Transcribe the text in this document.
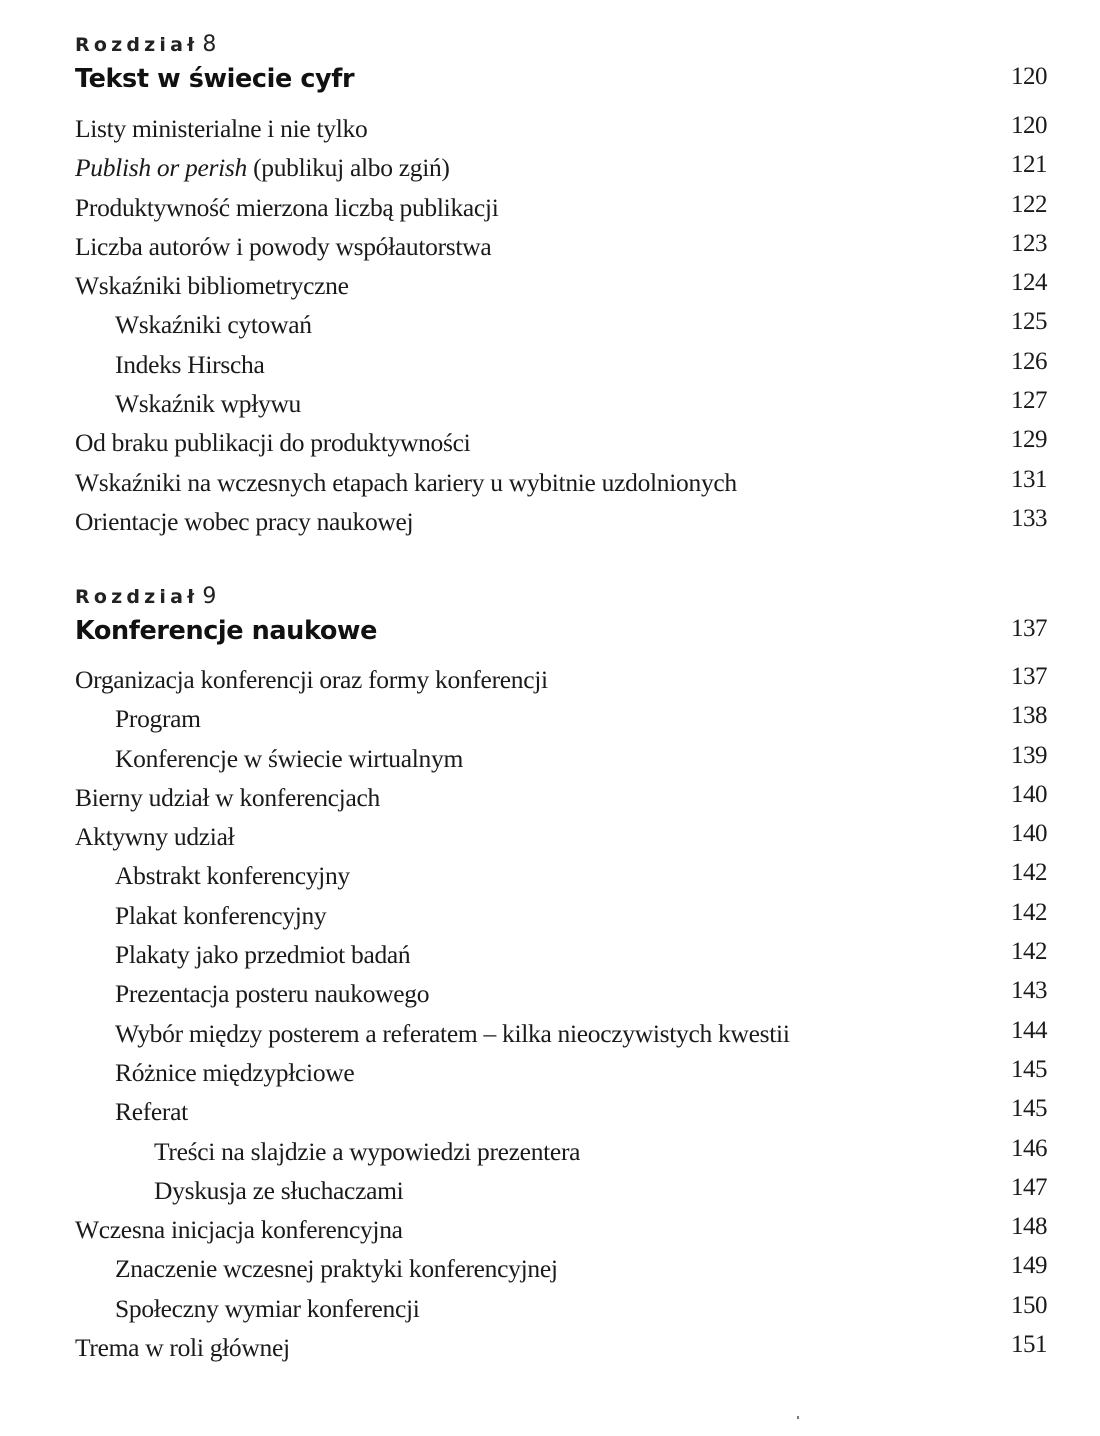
Rozdział 8
Tekst w świecie cyfr	120
Listy ministerialne i nie tylko	120
Publish or perish (publikuj albo zgiń)	121
Produktywność mierzona liczbą publikacji	122
Liczba autorów i powody współautorstwa	123
Wskaźniki bibliometryczne	124
Wskaźniki cytowań	125
Indeks Hirscha	126
Wskaźnik wpływu	127
Od braku publikacji do produktywności	129
Wskaźniki na wczesnych etapach kariery u wybitnie uzdolnionych	131
Orientacje wobec pracy naukowej	133
Rozdział 9
Konferencje naukowe	137
Organizacja konferencji oraz formy konferencji	137
Program	138
Konferencje w świecie wirtualnym	139
Bierny udział w konferencjach	140
Aktywny udział	140
Abstrakt konferencyjny	142
Plakat konferencyjny	142
Plakaty jako przedmiot badań	142
Prezentacja posteru naukowego	143
Wybór między posterem a referatem – kilka nieoczywistych kwestii	144
Różnice międzypłciowe	145
Referat	145
Treści na slajdzie a wypowiedzi prezentera	146
Dyskusja ze słuchaczami	147
Wczesna inicjacja konferencyjna	148
Znaczenie wczesnej praktyki konferencyjnej	149
Społeczny wymiar konferencji	150
Trema w roli głównej	151
